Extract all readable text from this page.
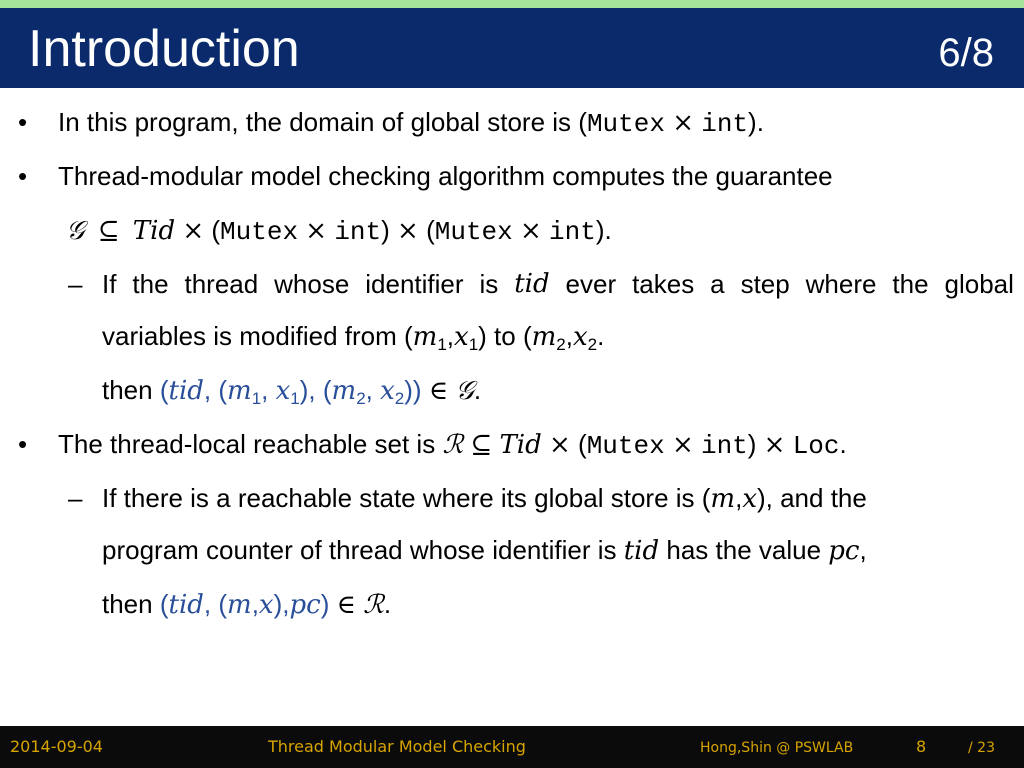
Introduction	6/8
• In this program, the domain of global store is (Mutex × int).
• Thread-modular model checking algorithm computes the guarantee
𝒢 ⊆ Tid × (Mutex × int) × (Mutex × int).
– If the thread whose identifier is tid ever takes a step where the global
variables is modified from $(m_1,x_1)$ to ($m_2,x_2$.
then (tid, ($m_1$, $x_1$), ($m_2$, $x_2$)) ∈ 𝒢.
• The thread-local reachable set is ℛ ⊆ Tid × (Mutex × int) × Loc.
– If there is a reachable state where its global store is (m,x), and the
program counter of thread whose identifier is tid has the value pc,
then (tid, (m,x),pc) ∈ ℛ.
2014-09-04	Thread Modular Model Checking	Hong,Shin @ PSWLAB	8	/ 23
